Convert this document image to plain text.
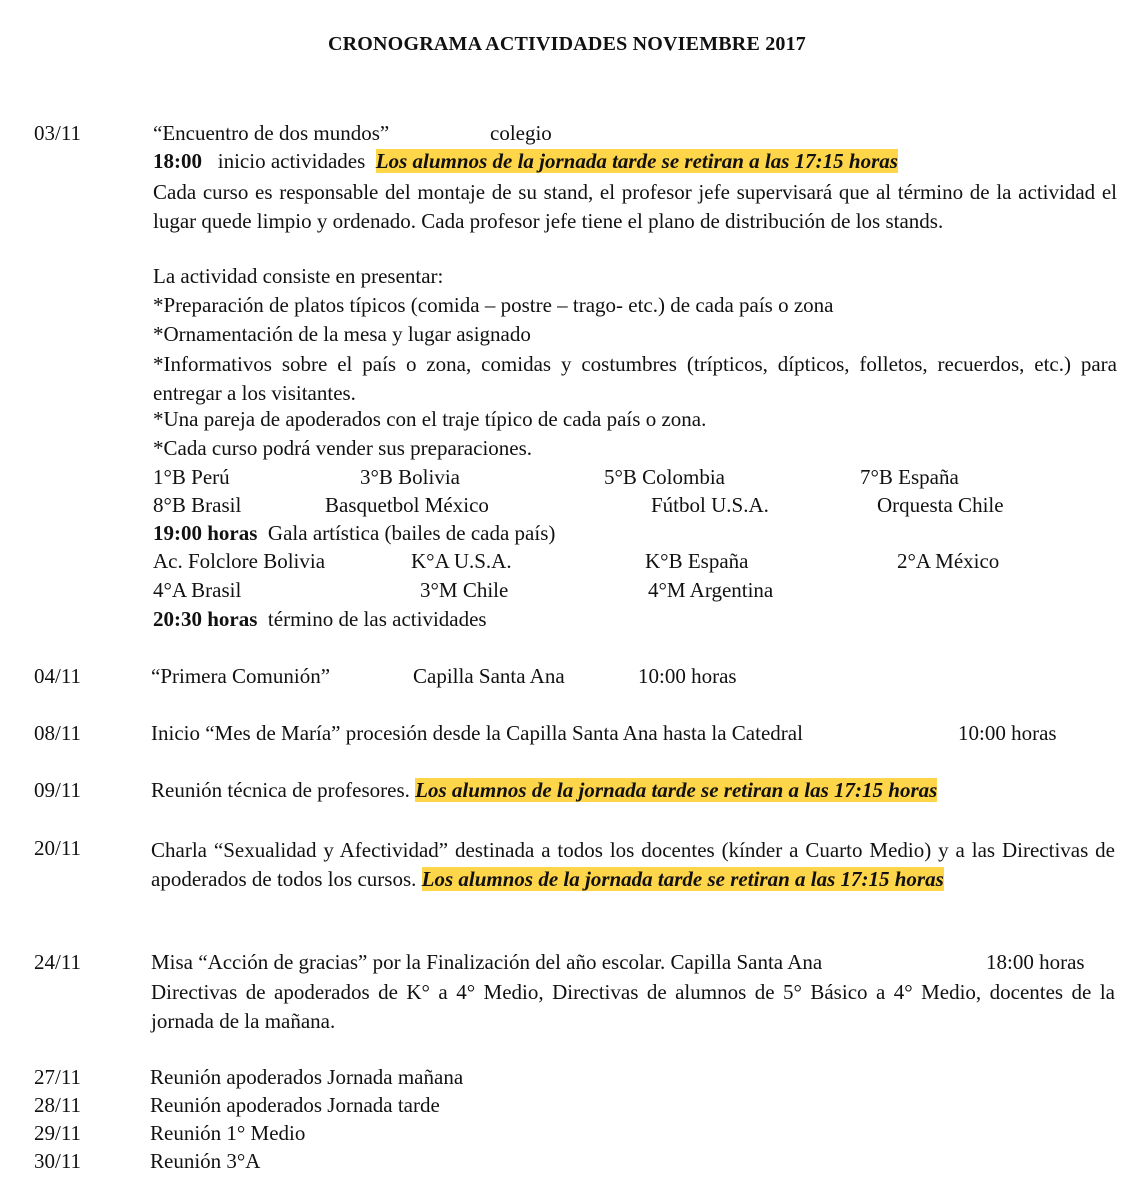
CRONOGRAMA ACTIVIDADES NOVIEMBRE 2017
03/11	“Encuentro de dos mundos”	colegio
18:00 inicio actividades Los alumnos de la jornada tarde se retiran a las 17:15 horas
Cada curso es responsable del montaje de su stand, el profesor jefe supervisará que al término de la actividad el lugar quede limpio y ordenado. Cada profesor jefe tiene el plano de distribución de los stands.
La actividad consiste en presentar:
*Preparación de platos típicos (comida – postre – trago- etc.) de cada país o zona
*Ornamentación de la mesa y lugar asignado
*Informativos sobre el país o zona, comidas y costumbres (trípticos, dípticos, folletos, recuerdos, etc.) para entregar a los visitantes.
*Una pareja de apoderados con el traje típico de cada país o zona.
*Cada curso podrá vender sus preparaciones.
1°B Perú	3°B Bolivia	5°B Colombia	7°B España
8°B Brasil	Basquetbol México	Fútbol U.S.A.	Orquesta Chile
19:00 horas Gala artística (bailes de cada país)
Ac. Folclore Bolivia	K°A U.S.A.	K°B España	2°A México
4°A Brasil	3°M Chile	4°M Argentina
20:30 horas término de las actividades
04/11	“Primera Comunión”	Capilla Santa Ana	10:00 horas
08/11	Inicio “Mes de María” procesión desde la Capilla Santa Ana hasta la Catedral	10:00 horas
09/11	Reunión técnica de profesores. Los alumnos de la jornada tarde se retiran a las 17:15 horas
20/11	Charla “Sexualidad y Afectividad” destinada a todos los docentes (kínder a Cuarto Medio) y a las Directivas de apoderados de todos los cursos. Los alumnos de la jornada tarde se retiran a las 17:15 horas
24/11	Misa “Acción de gracias” por la Finalización del año escolar. Capilla Santa Ana	18:00 horas
Directivas de apoderados de K° a 4° Medio, Directivas de alumnos de 5° Básico a 4° Medio, docentes de la jornada de la mañana.
27/11	Reunión apoderados Jornada mañana
28/11	Reunión apoderados Jornada tarde
29/11	Reunión 1° Medio
30/11	Reunión 3°A
